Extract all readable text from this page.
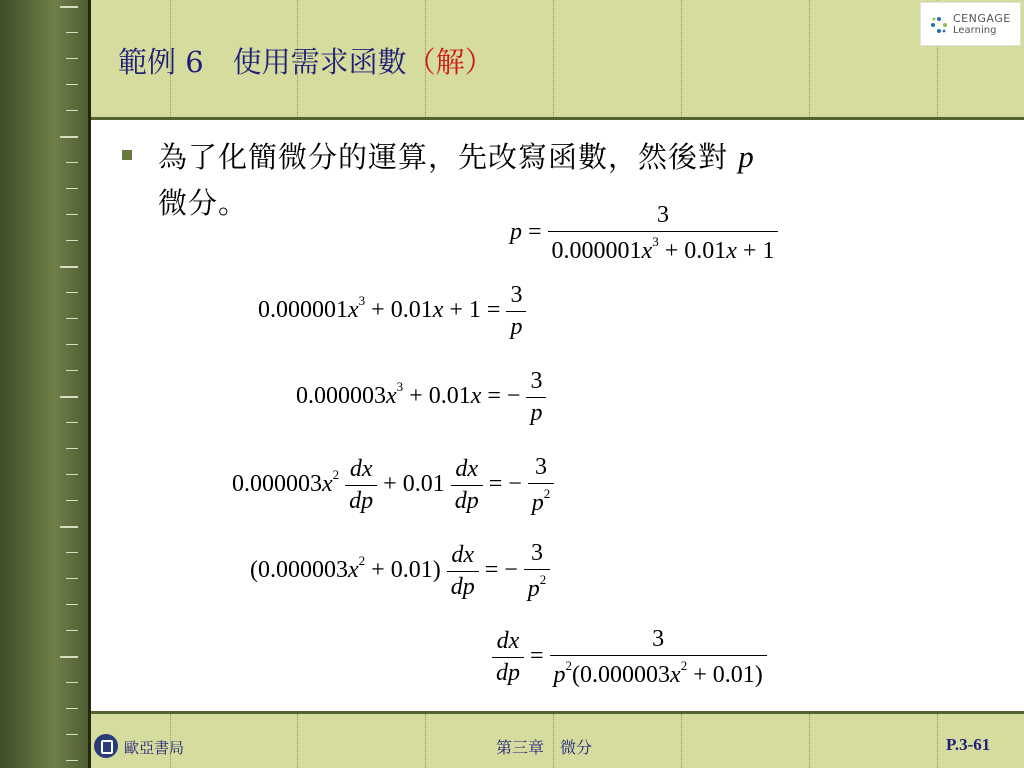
範例 6　使用需求函數（解）
CENGAGE
Learning
為了化簡微分的運算，先改寫函數，然後對 p
微分。
$p = \frac{3}{0.000001x^3 + 0.01x + 1}$
$0.000001x^3 + 0.01x + 1 = \frac{3}{p}$
$0.000003x^3 + 0.01x$ = − $\frac{3}{p}$
$0.000003x^2 \frac{dx}{dp} + 0.01 \frac{dx}{dp}$ = − $\frac{3}{p^2}$
$(0.000003x^2 + 0.01) \frac{dx}{dp}$ = − $\frac{3}{p^2}$
$\frac{dx}{dp} = \frac{3}{p^2(0.000003x^2 + 0.01)}$
歐亞書局	第三章　微分	P.3-61
